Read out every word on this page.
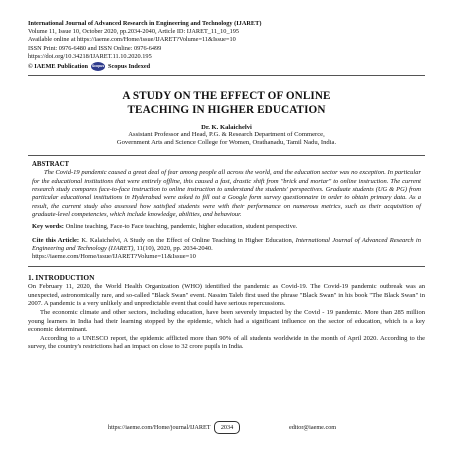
International Journal of Advanced Research in Engineering and Technology (IJARET)
Volume 11, Issue 10, October 2020, pp.2034-2040, Article ID: IJARET_11_10_195
Available online at https://iaeme.com/Home/issue/IJARET?Volume=11&Issue=10
ISSN Print: 0976-6480 and ISSN Online: 0976-6499
https://doi.org/10.34218/IJARET.11.10.2020.195
© IAEME Publication Scopus Scopus Indexed
A STUDY ON THE EFFECT OF ONLINE
TEACHING IN HIGHER EDUCATION
Dr. K. Kalaichelvi
Assistant Professor and Head, P.G. & Research Department of Commerce,
Government Arts and Science College for Women, Orathanadu, Tamil Nadu, India.
ABSTRACT
The Covid-19 pandemic caused a great deal of fear among people all across the world, and the education sector was no exception. In particular for the educational institutions that were entirely offline, this caused a fast, drastic shift from "brick and mortar" to online instruction. The current research study compares face-to-face instruction to online instruction to understand the students' perspectives. Graduate students (UG & PG) from particular educational institutions in Hyderabad were asked to fill out a Google form survey questionnaire in order to obtain primary data. As a result, the current study also assessed how satisfied students were with their performance on numerous metrics, such as their acquisition of graduate-level competencies, which include knowledge, abilities, and behaviour.
Key words: Online teaching, Face-to Face teaching, pandemic, higher education, student perspective.
Cite this Article: K. Kalaichelvi, A Study on the Effect of Online Teaching in Higher Education, International Journal of Advanced Research in Engineering and Technology (IJARET), 11(10), 2020, pp. 2034-2040.
https://iaeme.com/Home/issue/IJARET?Volume=11&Issue=10
1. INTRODUCTION

On February 11, 2020, the World Health Organization (WHO) identified the pandemic as Covid-19. The Covid-19 pandemic outbreak was an unexpected, astronomically rare, and so-called "Black Swan" event. Nassim Taleb first used the phrase "Black Swan" in his book "The Black Swan" in 2007. A pandemic is a very unlikely and unpredictable event that could have serious repercussions.

The economic climate and other sectors, including education, have been severely impacted by the Covid - 19 pandemic. More than 285 million young learners in India had their learning stopped by the epidemic, which had a significant influence on the sector of education, which is a key economic determinant.

According to a UNESCO report, the epidemic afflicted more than 90% of all students worldwide in the month of April 2020. According to the survey, the country's restrictions had an impact on close to 32 crore pupils in India.

https://iaeme.com/Home/journal/IJARET	2034	editor@iaeme.com
